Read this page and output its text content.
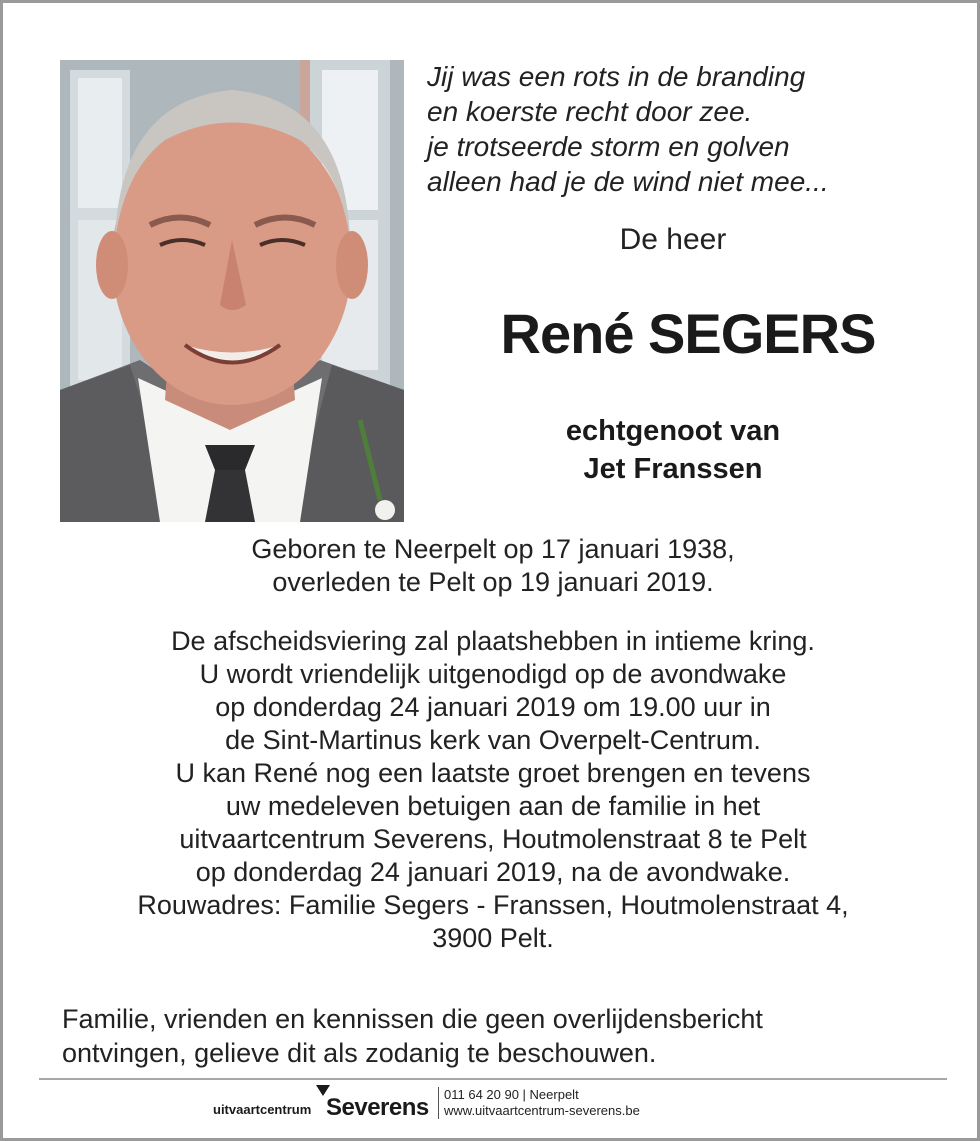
Jij was een rots in de branding
en koerste recht door zee.
je trotseerde storm en golven
alleen had je de wind niet mee...
De heer
René SEGERS
echtgenoot van
Jet Franssen
Geboren te Neerpelt op 17 januari 1938,
overleden te Pelt op 19 januari 2019.
De afscheidsviering zal plaatshebben in intieme kring.
U wordt vriendelijk uitgenodigd op de avondwake
op donderdag 24 januari 2019 om 19.00 uur in
de Sint-Martinus kerk van Overpelt-Centrum.
U kan René nog een laatste groet brengen en tevens
uw medeleven betuigen aan de familie in het
uitvaartcentrum Severens, Houtmolenstraat 8 te Pelt
op donderdag 24 januari 2019, na de avondwake.
Rouwadres: Familie Segers - Franssen, Houtmolenstraat 4,
3900 Pelt.
Familie, vrienden en kennissen die geen overlijdensbericht
ontvingen, gelieve dit als zodanig te beschouwen.
uitvaartcentrum Severens 011 64 20 90 | Neerpelt
www.uitvaartcentrum-severens.be
